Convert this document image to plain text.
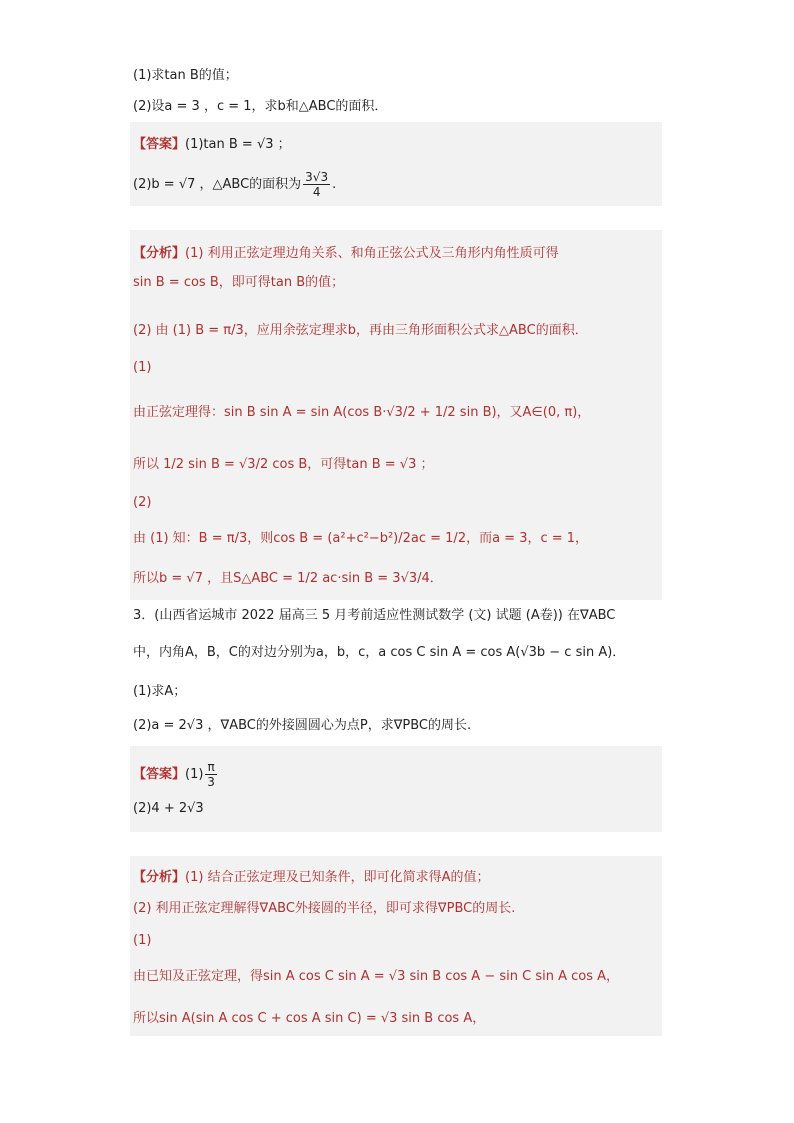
(1)求tan B的值；
(2)设a = 3 ，c = 1，求b和△ABC的面积．
【答案】(1)tan B = √3 ；
(2)b = √7 ，△ABC的面积为 $\frac{3√3}{4}$ .
【分析】(1) 利用正弦定理边角关系、和角正弦公式及三角形内角性质可得
sin B = cos B，即可得tan B的值；
(2) 由 (1) B = π/3，应用余弦定理求b，再由三角形面积公式求△ABC的面积．
(1)
由正弦定理得：sin B sin A = sin A(cos B·√3/2 + 1/2 sin B)，又A∈(0, π)，
所以 1/2 sin B = √3/2 cos B，可得tan B = √3 ；
(2)
由 (1) 知：B = π/3，则cos B = (a²+c²−b²)/2ac = 1/2，而a = 3，c = 1，
所以b = √7 ，且S△ABC = 1/2 ac·sin B = 3√3/4．
3．(山西省运城市 2022 届高三 5 月考前适应性测试数学 (文) 试题 (A卷)) 在∇ABC
中，内角A，B，C的对边分别为a，b，c，a cos C sin A = cos A(√3b − c sin A)．
(1)求A；
(2)a = 2√3 ，∇ABC的外接圆圆心为点P，求∇PBC的周长.
【答案】$(1) \frac{\pi}{3}$
(2)4 + 2√3
【分析】(1) 结合正弦定理及已知条件，即可化简求得A的值；
(2) 利用正弦定理解得∇ABC外接圆的半径，即可求得∇PBC的周长.
(1)
由已知及正弦定理，得sin A cos C sin A = √3 sin B cos A − sin C sin A cos A，
所以sin A(sin A cos C + cos A sin C) = √3 sin B cos A，
